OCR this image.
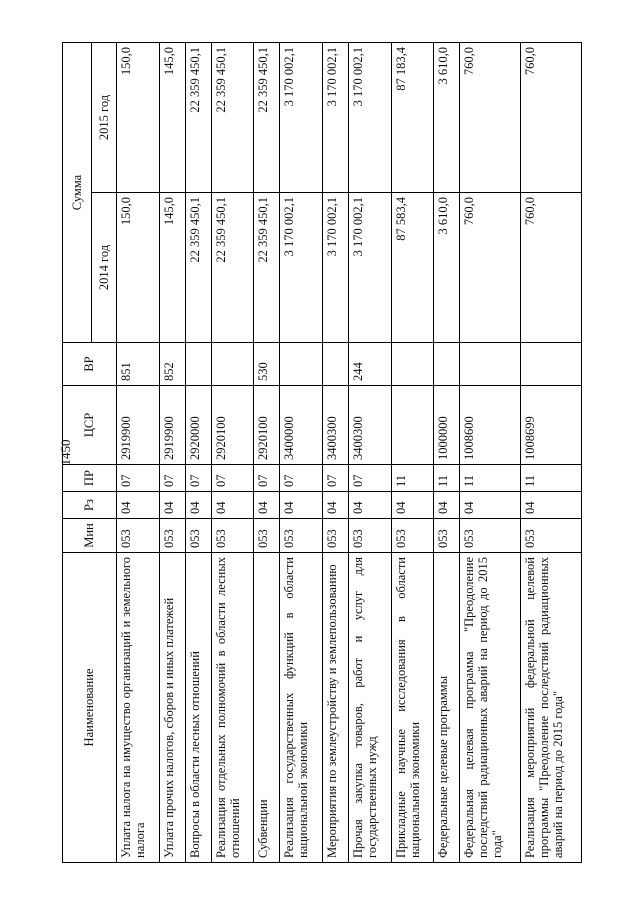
1450
Наименование	Мин	Рз	ПР	ЦСР	ВР	Сумма	
						2014 год	2015 год
Уплата налога на имущество организаций и земельного налога	053	04	07	2919900	851	150,0	150,0
Уплата прочих налогов, сборов и иных платежей	053	04	07	2919900	852	145,0	145,0
Вопросы в области лесных отношений	053	04	07	2920000		22 359 450,1	22 359 450,1
Реализация отдельных полномочий в области лесных отношений	053	04	07	2920100		22 359 450,1	22 359 450,1
Субвенции	053	04	07	2920100	530	22 359 450,1	22 359 450,1
Реализация государственных функций в области национальной экономики	053	04	07	3400000		3 170 002,1	3 170 002,1
Мероприятия по землеустройству и землепользованию	053	04	07	3400300		3 170 002,1	3 170 002,1
Прочая закупка товаров, работ и услуг для государственных нужд	053	04	07	3400300	244	3 170 002,1	3 170 002,1
Прикладные научные исследования в области национальной экономики	053	04	11			87 583,4	87 183,4
Федеральные целевые программы	053	04	11	1000000		3 610,0	3 610,0
Федеральная целевая программа "Преодоление последствий радиационных аварий на период до 2015 года"	053	04	11	1008600		760,0	760,0
Реализация мероприятий федеральной целевой программы "Преодоление последствий радиационных аварий на период до 2015 года"	053	04	11	1008699		760,0	760,0
